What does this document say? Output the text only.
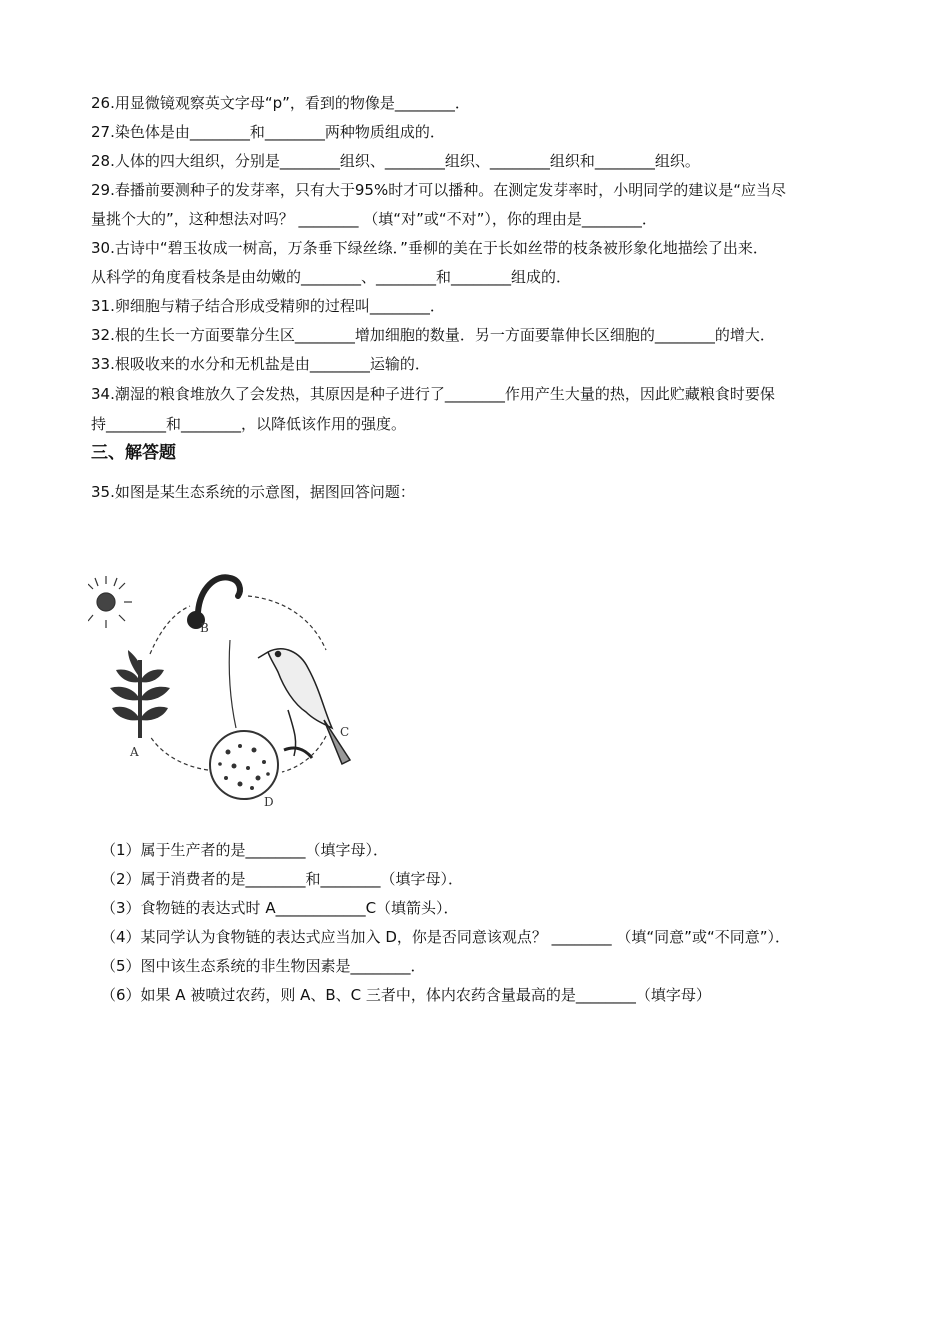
26.用显微镜观察英文字母“p”，看到的物像是________．
27.染色体是由________和________两种物质组成的．
28.人体的四大组织，分别是________组织、________组织、________组织和________组织。
29.春播前要测种子的发芽率，只有大于95%时才可以播种。在测定发芽率时，小明同学的建议是“应当尽
量挑个大的”，这种想法对吗？ ________ （填“对”或“不对”），你的理由是________．
30.古诗中“碧玉妆成一树高，万条垂下绿丝绦．”垂柳的美在于长如丝带的枝条被形象化地描绘了出来．
从科学的角度看枝条是由幼嫩的________、________和________组成的．
31.卵细胞与精子结合形成受精卵的过程叫________．
32.根的生长一方面要靠分生区________增加细胞的数量．另一方面要靠伸长区细胞的________的增大．
33.根吸收来的水分和无机盐是由________运输的．
34.潮湿的粮食堆放久了会发热，其原因是种子进行了________作用产生大量的热，因此贮藏粮食时要保
持________和________，以降低该作用的强度。
三、解答题
35.如图是某生态系统的示意图，据图回答问题：
B
A
C
D
（1）属于生产者的是________（填字母）．
（2）属于消费者的是________和________（填字母）．
（3）食物链的表达式时 A____________C（填箭头）．
（4）某同学认为食物链的表达式应当加入 D，你是否同意该观点？ ________ （填“同意”或“不同意”）．
（5）图中该生态系统的非生物因素是________．
（6）如果 A 被喷过农药，则 A、B、C 三者中，体内农药含量最高的是________（填字母）
